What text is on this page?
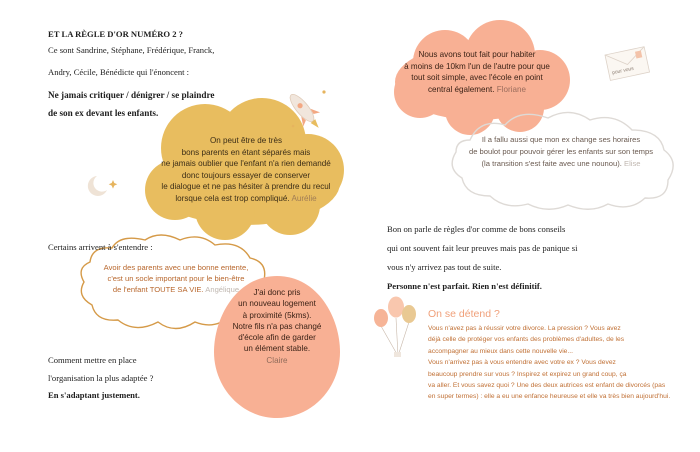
ET LA RÈGLE D'OR NUMÉRO 2 ?
Ce sont Sandrine, Stéphane, Frédérique, Franck,
Andry, Cécile, Bénédicte qui l'énoncent :
Ne jamais critiquer / dénigrer / se plaindre
de son ex devant les enfants.
On peut être de très
bons parents en étant séparés mais
ne jamais oublier que l'enfant n'a rien demandé
donc toujours essayer de conserver
le dialogue et ne pas hésiter à prendre du recul
lorsque cela est trop compliqué. Aurélie
Certains arrivent à s'entendre :
Avoir des parents avec une bonne entente,
c'est un socle important pour le bien-être
de l'enfant TOUTE SA VIE. Angélique	J'ai donc pris
un nouveau logement
à proximité (5kms).
Notre fils n'a pas changé
d'école afin de garder
un élément stable.
Claire
Comment mettre en place
l'organisation la plus adaptée ?
En s'adaptant justement.
Nous avons tout fait pour habiter
à moins de 10km l'un de l'autre pour que
tout soit simple, avec l'école en point
central également. Floriane
pour vous
Il a fallu aussi que mon ex change ses horaires
de boulot pour pouvoir gérer les enfants sur son temps
(la transition s'est faite avec une nounou). Elise
Bon on parle de règles d'or comme de bons conseils
qui ont souvent fait leur preuves mais pas de panique si
vous n'y arrivez pas tout de suite.
Personne n'est parfait. Rien n'est définitif.
On se détend ?
Vous n'avez pas à réussir votre divorce. La pression ? Vous avez
déjà celle de protéger vos enfants des problèmes d'adultes, de les
accompagner au mieux dans cette nouvelle vie...
Vous n'arrivez pas à vous entendre avec votre ex ? Vous devez
beaucoup prendre sur vous ? Inspirez et expirez un grand coup, ça
va aller. Et vous savez quoi ? Une des deux autrices est enfant de divorcés (pas
en super termes) : elle a eu une enfance heureuse et elle va très bien aujourd'hui.
